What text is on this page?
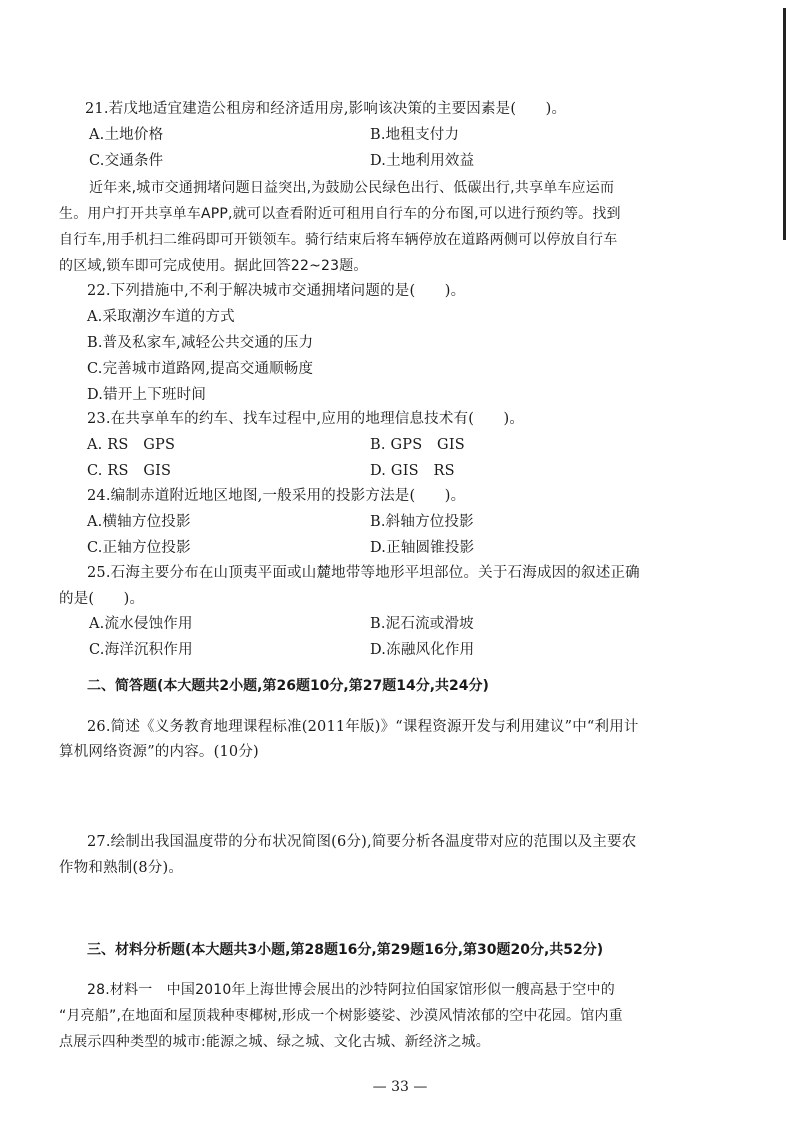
21.若戊地适宜建造公租房和经济适用房,影响该决策的主要因素是(　　)。
A.土地价格	B.地租支付力
C.交通条件	D.土地利用效益
近年来,城市交通拥堵问题日益突出,为鼓励公民绿色出行、低碳出行,共享单车应运而
生。用户打开共享单车APP,就可以查看附近可租用自行车的分布图,可以进行预约等。找到
自行车,用手机扫二维码即可开锁领车。骑行结束后将车辆停放在道路两侧可以停放自行车
的区域,锁车即可完成使用。据此回答22~23题。
22.下列措施中,不利于解决城市交通拥堵问题的是(　　)。
A.采取潮汐车道的方式
B.普及私家车,减轻公共交通的压力
C.完善城市道路网,提高交通顺畅度
D.错开上下班时间
23.在共享单车的约车、找车过程中,应用的地理信息技术有(　　)。
A. RS　GPS	B. GPS　GIS
C. RS　GIS	D. GIS　RS
24.编制赤道附近地区地图,一般采用的投影方法是(　　)。
A.横轴方位投影	B.斜轴方位投影
C.正轴方位投影	D.正轴圆锥投影
25.石海主要分布在山顶夷平面或山麓地带等地形平坦部位。关于石海成因的叙述正确
的是(　　)。
A.流水侵蚀作用	B.泥石流或滑坡
C.海洋沉积作用	D.冻融风化作用
二、简答题(本大题共2小题,第26题10分,第27题14分,共24分)
26.简述《义务教育地理课程标准(2011年版)》“课程资源开发与利用建议”中“利用计
算机网络资源”的内容。(10分)
27.绘制出我国温度带的分布状况简图(6分),简要分析各温度带对应的范围以及主要农
作物和熟制(8分)。
三、材料分析题(本大题共3小题,第28题16分,第29题16分,第30题20分,共52分)
28.材料一　中国2010年上海世博会展出的沙特阿拉伯国家馆形似一艘高悬于空中的
“月亮船”,在地面和屋顶栽种枣椰树,形成一个树影婆娑、沙漠风情浓郁的空中花园。馆内重
点展示四种类型的城市:能源之城、绿之城、文化古城、新经济之城。
— 33 —
